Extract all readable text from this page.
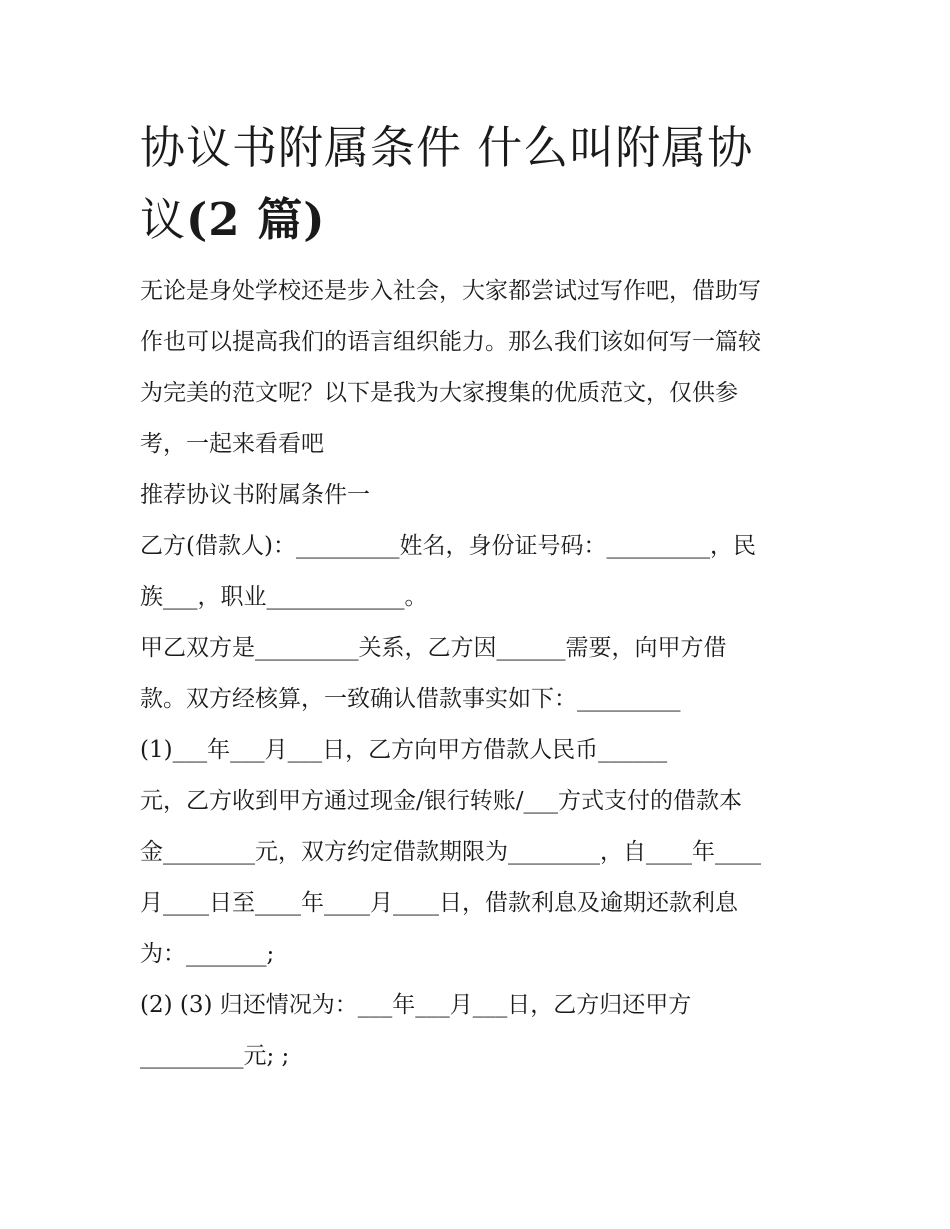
协议书附属条件 什么叫附属协
议(2 篇)
无论是身处学校还是步入社会，大家都尝试过写作吧，借助写
作也可以提高我们的语言组织能力。那么我们该如何写一篇较
为完美的范文呢？以下是我为大家搜集的优质范文，仅供参
考，一起来看看吧
推荐协议书附属条件一
乙方(借款人)：_________姓名，身份证号码：_________，民
族___，职业____________。
甲乙双方是_________关系，乙方因______需要，向甲方借
款。双方经核算，一致确认借款事实如下：_________
(1)___年___月___日，乙方向甲方借款人民币______
元，乙方收到甲方通过现金/银行转账/___方式支付的借款本
金________元，双方约定借款期限为________，自____年____
月____日至____年____月____日，借款利息及逾期还款利息
为：_______;
(2) (3) 归还情况为：___年___月___日，乙方归还甲方
_________元; ;
